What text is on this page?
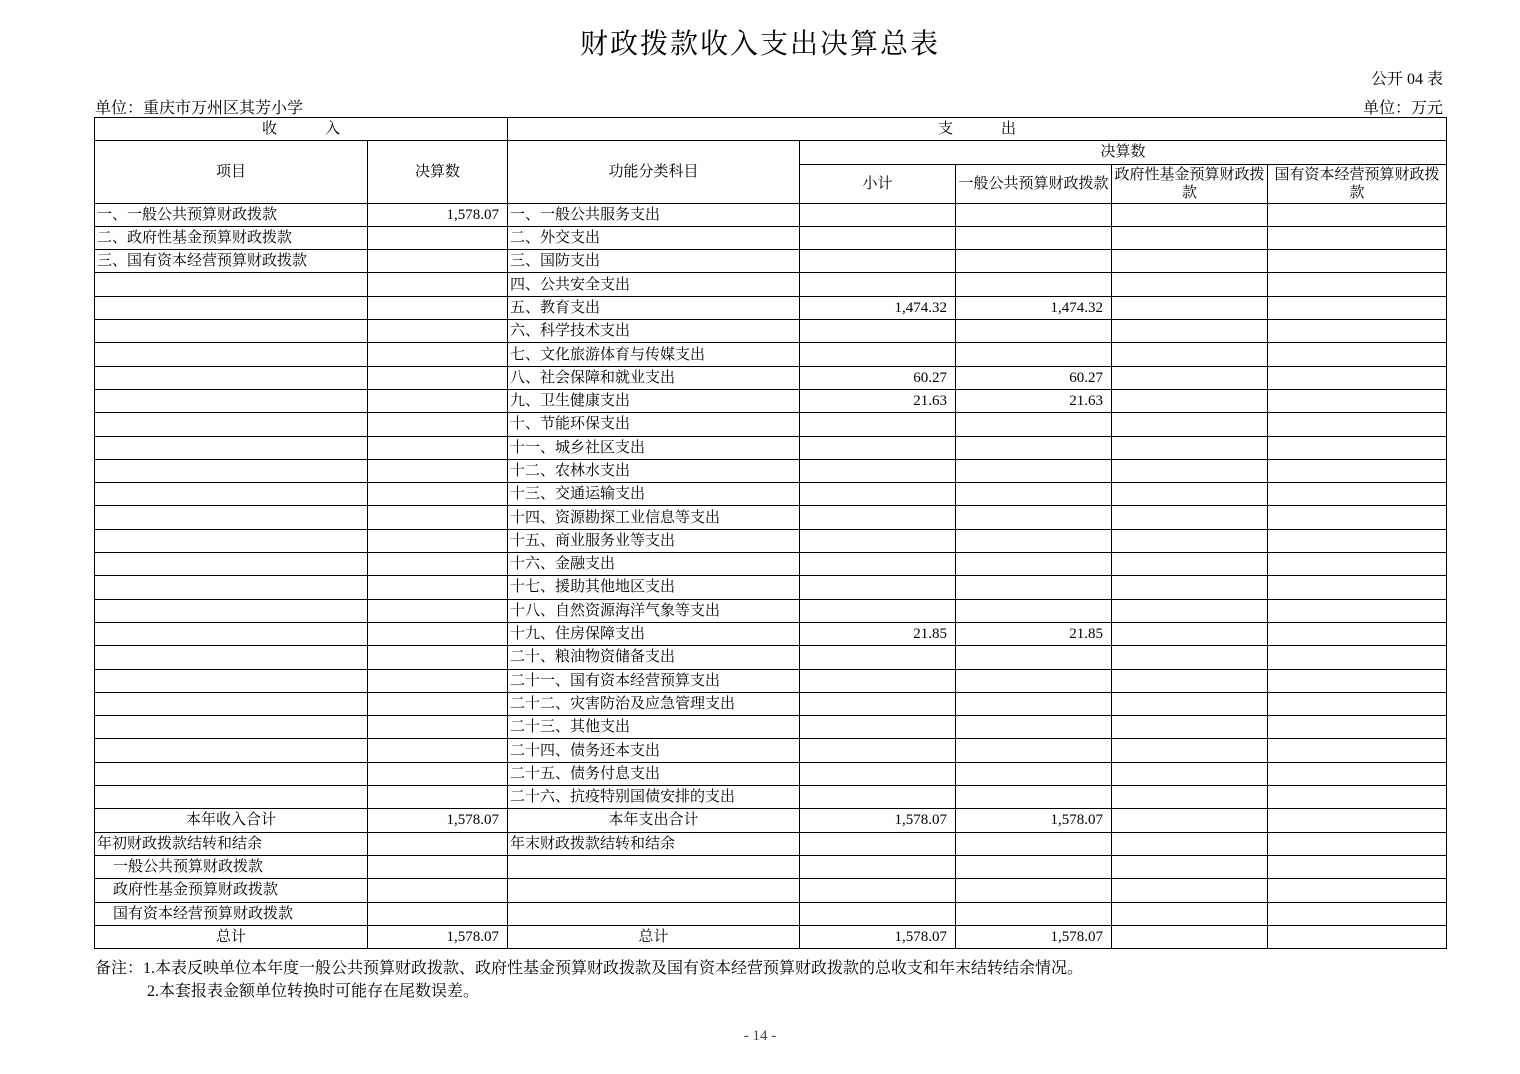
财政拨款收入支出决算总表
公开 04 表
单位：重庆市万州区其芳小学	单位：万元
收入		支出				
项目	决算数	功能分类科目	决算数			
			小计	一般公共预算财政拨款	政府性基金预算财政拨款	国有资本经营预算财政拨款
一、一般公共预算财政拨款	1,578.07	一、一般公共服务支出				
二、政府性基金预算财政拨款		二、外交支出				
三、国有资本经营预算财政拨款		三、国防支出				
		四、公共安全支出				
		五、教育支出	1,474.32	1,474.32		
		六、科学技术支出				
		七、文化旅游体育与传媒支出				
		八、社会保障和就业支出	60.27	60.27		
		九、卫生健康支出	21.63	21.63		
		十、节能环保支出				
		十一、城乡社区支出				
		十二、农林水支出				
		十三、交通运输支出				
		十四、资源勘探工业信息等支出				
		十五、商业服务业等支出				
		十六、金融支出				
		十七、援助其他地区支出				
		十八、自然资源海洋气象等支出				
		十九、住房保障支出	21.85	21.85		
		二十、粮油物资储备支出				
		二十一、国有资本经营预算支出				
		二十二、灾害防治及应急管理支出				
		二十三、其他支出				
		二十四、债务还本支出				
		二十五、债务付息支出				
		二十六、抗疫特别国债安排的支出				
本年收入合计	1,578.07	本年支出合计	1,578.07	1,578.07		
年初财政拨款结转和结余		年末财政拨款结转和结余				
一般公共预算财政拨款						
政府性基金预算财政拨款						
国有资本经营预算财政拨款						
总计	1,578.07	总计	1,578.07	1,578.07		
备注：1.本表反映单位本年度一般公共预算财政拨款、政府性基金预算财政拨款及国有资本经营预算财政拨款的总收支和年末结转结余情况。
2.本套报表金额单位转换时可能存在尾数误差。
- 14 -
